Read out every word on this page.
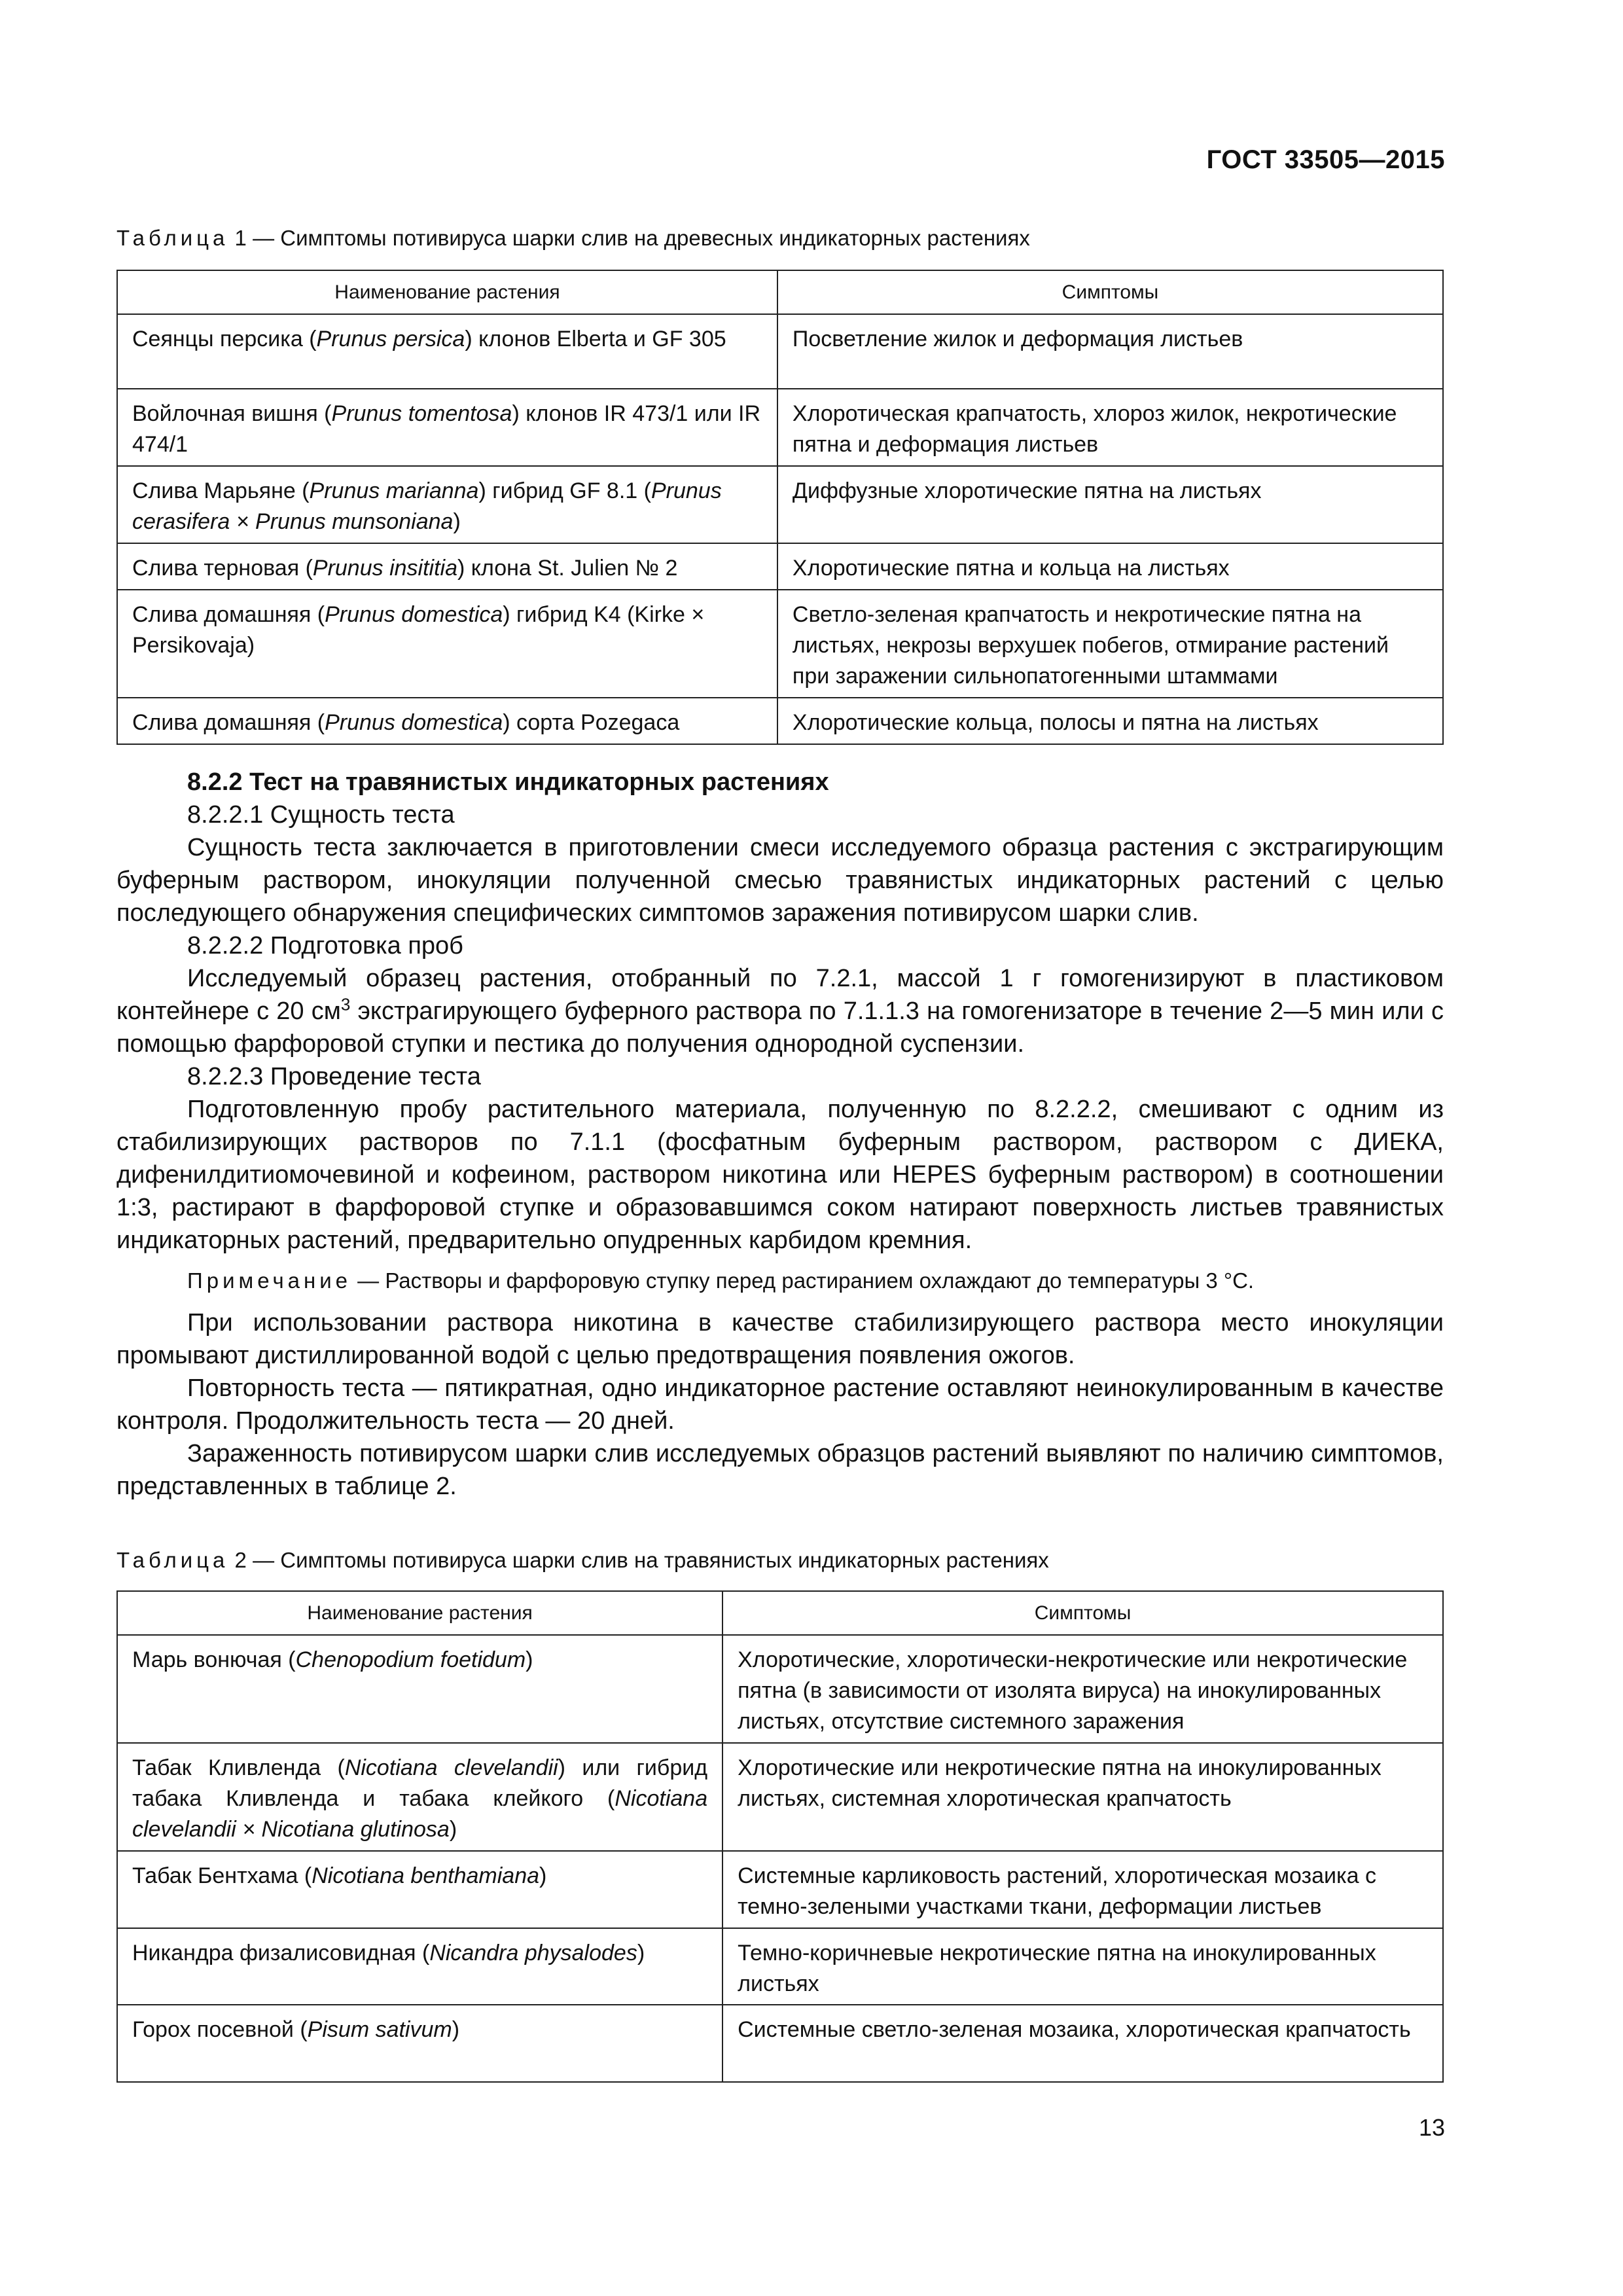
ГОСТ 33505—2015
Таблица 1 — Симптомы потивируса шарки слив на древесных индикаторных растениях
Наименование растения	Симптомы
Сеянцы персика (Prunus persica) клонов Elberta и GF 305	Посветление жилок и деформация листьев
Войлочная вишня (Prunus tomentosa) клонов IR 473/1 или IR 474/1	Хлоротическая крапчатость, хлороз жилок, некротические пятна и деформация листьев
Слива Марьяне (Prunus marianna) гибрид GF 8.1 (Prunus cerasifera × Prunus munsoniana)	Диффузные хлоротические пятна на листьях
Слива терновая (Prunus insititia) клона St. Julien № 2	Хлоротические пятна и кольца на листьях
Слива домашняя (Prunus domestica) гибрид K4 (Kirke × Persikovaja)	Светло-зеленая крапчатость и некротические пятна на листьях, некрозы верхушек побегов, отмирание растений при заражении сильнопатогенными штаммами
Слива домашняя (Prunus domestica) сорта Pozegaca	Хлоротические кольца, полосы и пятна на листьях

8.2.2 Тест на травянистых индикаторных растениях

8.2.2.1 Сущность теста

Сущность теста заключается в приготовлении смеси исследуемого образца растения с экстрагирующим буферным раствором, инокуляции полученной смесью травянистых индикаторных растений с целью последующего обнаружения специфических симптомов заражения потивирусом шарки слив.

8.2.2.2 Подготовка проб

Исследуемый образец растения, отобранный по 7.2.1, массой 1 г гомогенизируют в пластиковом контейнере с 20 $см^3$ экстрагирующего буферного раствора по 7.1.1.3 на гомогенизаторе в течение 2—5 мин или с помощью фарфоровой ступки и пестика до получения однородной суспензии.

8.2.2.3 Проведение теста

Подготовленную пробу растительного материала, полученную по 8.2.2.2, смешивают с одним из стабилизирующих растворов по 7.1.1 (фосфатным буферным раствором, раствором с ДИЕКА, дифенилдитиомочевиной и кофеином, раствором никотина или HEPES буферным раствором) в соотношении 1:3, растирают в фарфоровой ступке и образовавшимся соком натирают поверхность листьев травянистых индикаторных растений, предварительно опудренных карбидом кремния.

Примечание — Растворы и фарфоровую ступку перед растиранием охлаждают до температуры 3 °С.

При использовании раствора никотина в качестве стабилизирующего раствора место инокуляции промывают дистиллированной водой с целью предотвращения появления ожогов.

Повторность теста — пятикратная, одно индикаторное растение оставляют неинокулированным в качестве контроля. Продолжительность теста — 20 дней.

Зараженность потивирусом шарки слив исследуемых образцов растений выявляют по наличию симптомов, представленных в таблице 2.

Таблица 2 — Симптомы потивируса шарки слив на травянистых индикаторных растениях
Наименование растения	Симптомы
Марь вонючая (Chenopodium foetidum)	Хлоротические, хлоротически-некротические или некротические пятна (в зависимости от изолята вируса) на инокулированных листьях, отсутствие системного заражения
Табак Кливленда (Nicotiana clevelandii) или гибрид табака Кливленда и табака клейкого (Nicotiana clevelandii × Nicotiana glutinosa)	Хлоротические или некротические пятна на инокулированных листьях, системная хлоротическая крапчатость
Табак Бентхама (Nicotiana benthamiana)	Системные карликовость растений, хлоротическая мозаика с темно-зелеными участками ткани, деформации листьев
Никандра физалисовидная (Nicandra physalodes)	Темно-коричневые некротические пятна на инокулированных листьях
Горох посевной (Pisum sativum)	Системные светло-зеленая мозаика, хлоротическая крапчатость
13
